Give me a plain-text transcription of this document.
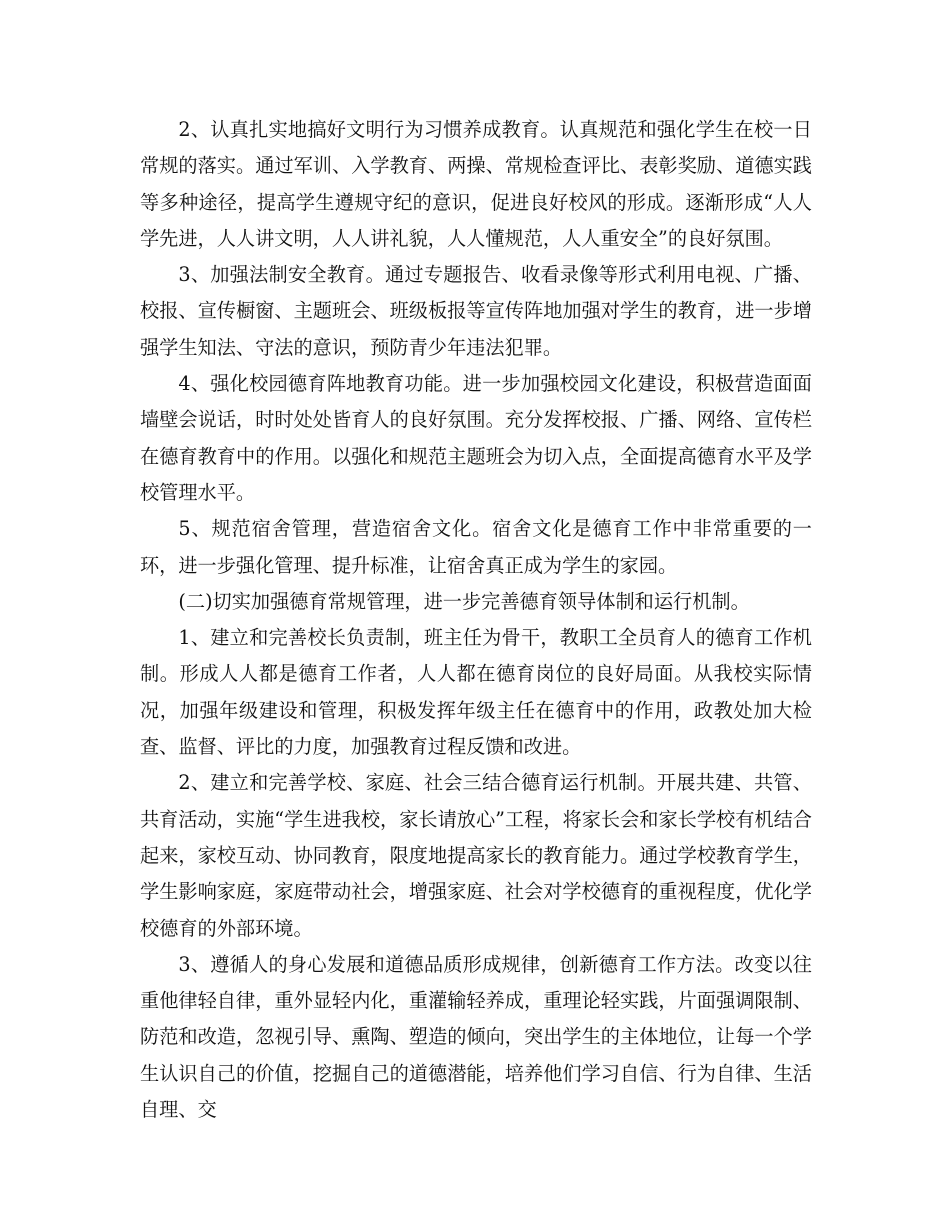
2、认真扎实地搞好文明行为习惯养成教育。认真规范和强化学生在校一日常规的落实。通过军训、入学教育、两操、常规检查评比、表彰奖励、道德实践等多种途径，提高学生遵规守纪的意识，促进良好校风的形成。逐渐形成“人人学先进，人人讲文明，人人讲礼貌，人人懂规范，人人重安全”的良好氛围。

3、加强法制安全教育。通过专题报告、收看录像等形式利用电视、广播、校报、宣传橱窗、主题班会、班级板报等宣传阵地加强对学生的教育，进一步增强学生知法、守法的意识，预防青少年违法犯罪。

4、强化校园德育阵地教育功能。进一步加强校园文化建设，积极营造面面墙壁会说话，时时处处皆育人的良好氛围。充分发挥校报、广播、网络、宣传栏在德育教育中的作用。以强化和规范主题班会为切入点，全面提高德育水平及学校管理水平。

5、规范宿舍管理，营造宿舍文化。宿舍文化是德育工作中非常重要的一环，进一步强化管理、提升标准，让宿舍真正成为学生的家园。

(二)切实加强德育常规管理，进一步完善德育领导体制和运行机制。

1、建立和完善校长负责制，班主任为骨干，教职工全员育人的德育工作机制。形成人人都是德育工作者，人人都在德育岗位的良好局面。从我校实际情况，加强年级建设和管理，积极发挥年级主任在德育中的作用，政教处加大检查、监督、评比的力度，加强教育过程反馈和改进。

2、建立和完善学校、家庭、社会三结合德育运行机制。开展共建、共管、共育活动，实施“学生进我校，家长请放心”工程，将家长会和家长学校有机结合起来，家校互动、协同教育，限度地提高家长的教育能力。通过学校教育学生，学生影响家庭，家庭带动社会，增强家庭、社会对学校德育的重视程度，优化学校德育的外部环境。

3、遵循人的身心发展和道德品质形成规律，创新德育工作方法。改变以往重他律轻自律，重外显轻内化，重灌输轻养成，重理论轻实践，片面强调限制、防范和改造，忽视引导、熏陶、塑造的倾向，突出学生的主体地位，让每一个学生认识自己的价值，挖掘自己的道德潜能，培养他们学习自信、行为自律、生活自理、交
